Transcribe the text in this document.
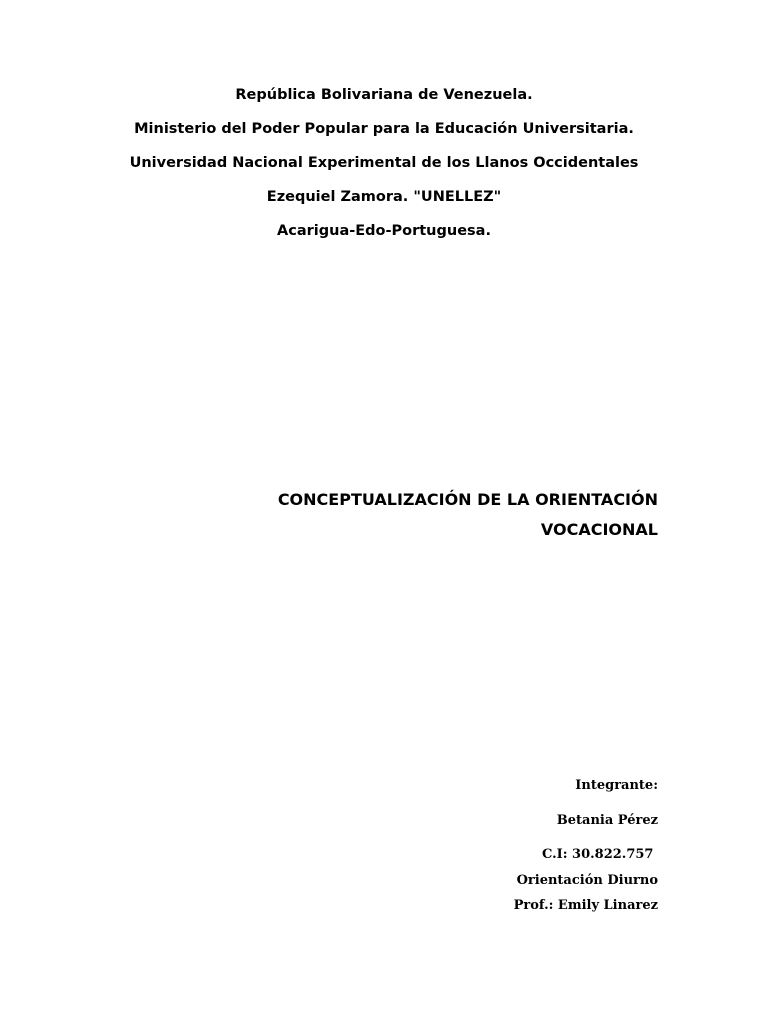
República Bolivariana de Venezuela.
Ministerio del Poder Popular para la Educación Universitaria.
Universidad Nacional Experimental de los Llanos Occidentales
Ezequiel Zamora. "UNELLEZ"
Acarigua-Edo-Portuguesa.
CONCEPTUALIZACIÓN DE LA ORIENTACIÓN
VOCACIONAL
Integrante:
Betania Pérez
C.I: 30.822.757
Orientación Diurno
Prof.: Emily Linarez
